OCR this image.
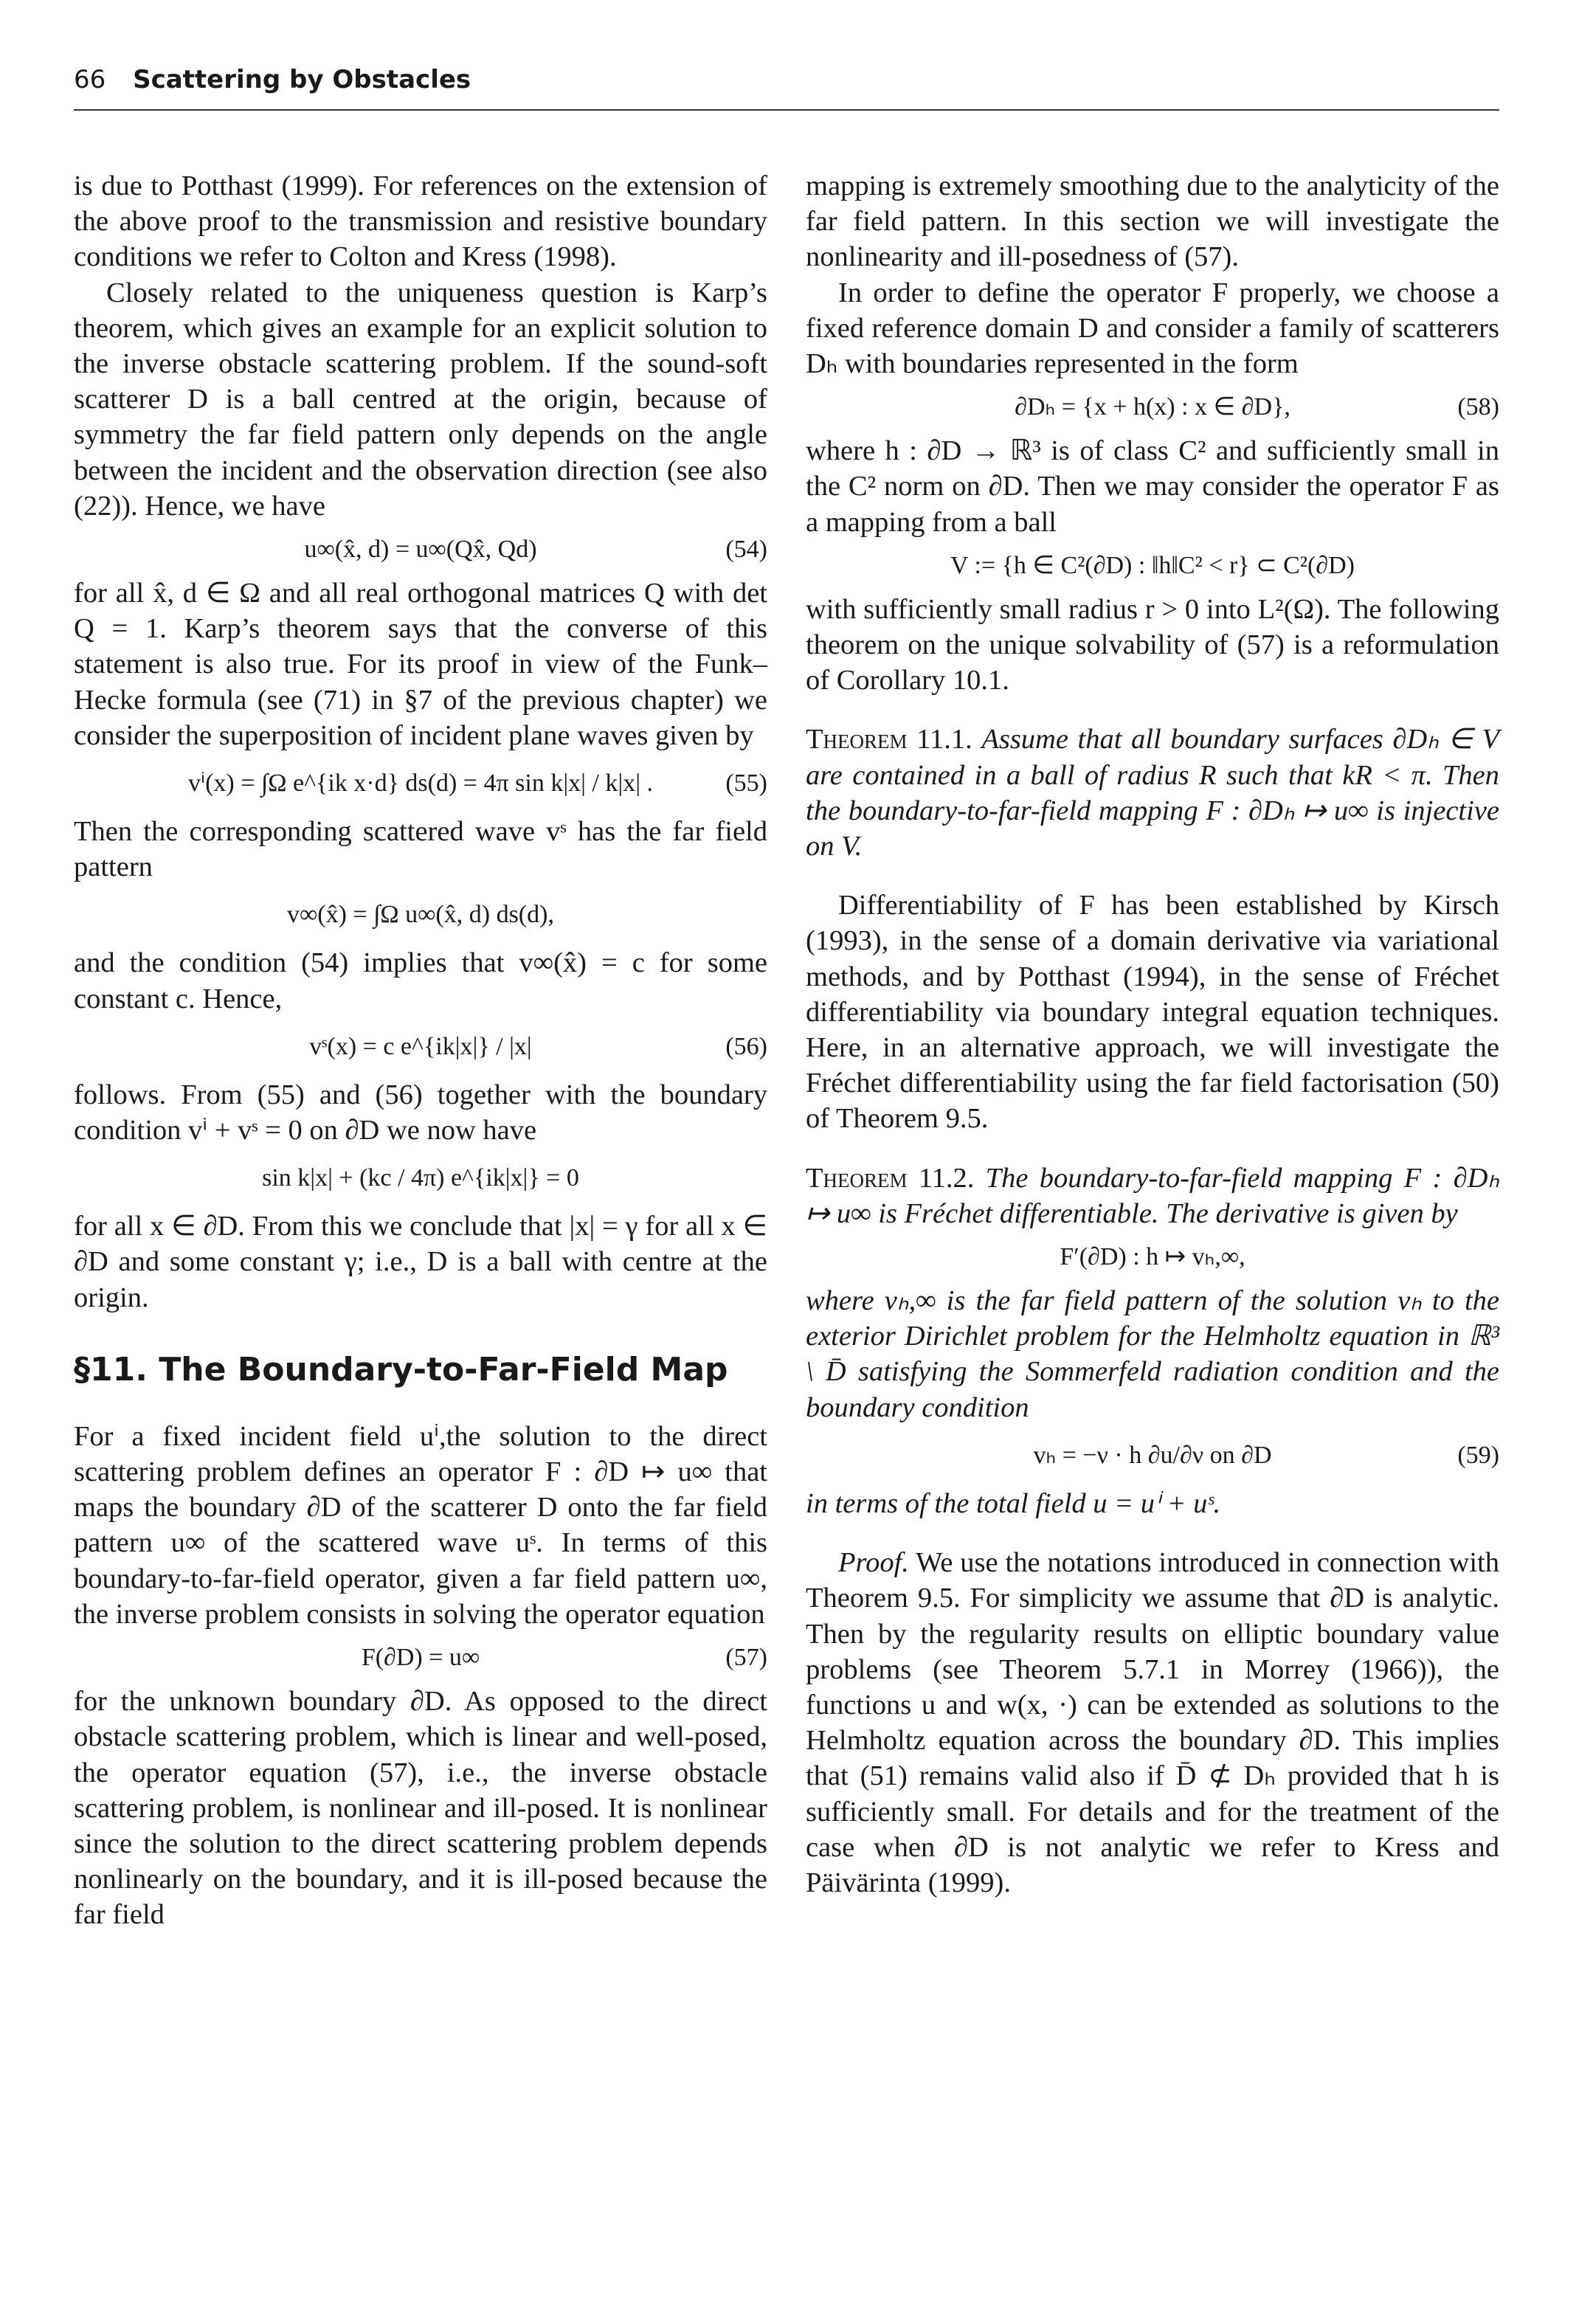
66 Scattering by Obstacles

is due to Potthast (1999). For references on the extension of the above proof to the transmission and resistive boundary conditions we refer to Colton and Kress (1998).

Closely related to the uniqueness question is Karp’s theorem, which gives an example for an explicit solution to the inverse obstacle scattering problem. If the sound-soft scatterer D is a ball centred at the origin, because of symmetry the far field pattern only depends on the angle between the incident and the observation direction (see also (22)). Hence, we have

u∞(x̂, d) = u∞(Qx̂, Qd)	(54)

for all x̂, d ∈ Ω and all real orthogonal matrices Q with det Q = 1. Karp’s theorem says that the converse of this statement is also true. For its proof in view of the Funk–Hecke formula (see (71) in §7 of the previous chapter) we consider the superposition of incident plane waves given by

vⁱ(x) = ∫Ω e^{ik x·d} ds(d) = 4π sin k|x| / k|x| .	(55)

Then the corresponding scattered wave vˢ has the far field pattern

v∞(x̂) = ∫Ω u∞(x̂, d) ds(d),

and the condition (54) implies that v∞(x̂) = c for some constant c. Hence,

vˢ(x) = c e^{ik|x|} / |x|	(56)

follows. From (55) and (56) together with the boundary condition vⁱ + vˢ = 0 on ∂D we now have

sin k|x| + (kc / 4π) e^{ik|x|} = 0

for all x ∈ ∂D. From this we conclude that |x| = γ for all x ∈ ∂D and some constant γ; i.e., D is a ball with centre at the origin.

§11. The Boundary-to-Far-Field Map

For a fixed incident field uⁱ,the solution to the direct scattering problem defines an operator F : ∂D ↦ u∞ that maps the boundary ∂D of the scatterer D onto the far field pattern u∞ of the scattered wave uˢ. In terms of this boundary-to-far-field operator, given a far field pattern u∞, the inverse problem consists in solving the operator equation

F(∂D) = u∞	(57)

for the unknown boundary ∂D. As opposed to the direct obstacle scattering problem, which is linear and well-posed, the operator equation (57), i.e., the inverse obstacle scattering problem, is nonlinear and ill-posed. It is nonlinear since the solution to the direct scattering problem depends nonlinearly on the boundary, and it is ill-posed because the far field

mapping is extremely smoothing due to the analyticity of the far field pattern. In this section we will investigate the nonlinearity and ill-posedness of (57).

In order to define the operator F properly, we choose a fixed reference domain D and consider a family of scatterers Dₕ with boundaries represented in the form

∂Dₕ = {x + h(x) : x ∈ ∂D},	(58)

where h : ∂D → ℝ³ is of class C² and sufficiently small in the C² norm on ∂D. Then we may consider the operator F as a mapping from a ball

V := {h ∈ C²(∂D) : ‖h‖C² < r} ⊂ C²(∂D)

with sufficiently small radius r > 0 into L²(Ω). The following theorem on the unique solvability of (57) is a reformulation of Corollary 10.1.

Theorem 11.1. Assume that all boundary surfaces ∂Dₕ ∈ V are contained in a ball of radius R such that kR < π. Then the boundary-to-far-field mapping F : ∂Dₕ ↦ u∞ is injective on V.

Differentiability of F has been established by Kirsch (1993), in the sense of a domain derivative via variational methods, and by Potthast (1994), in the sense of Fréchet differentiability via boundary integral equation techniques. Here, in an alternative approach, we will investigate the Fréchet differentiability using the far field factorisation (50) of Theorem 9.5.

Theorem 11.2. The boundary-to-far-field mapping F : ∂Dₕ ↦ u∞ is Fréchet differentiable. The derivative is given by

F′(∂D) : h ↦ vₕ,∞,

where vₕ,∞ is the far field pattern of the solution vₕ to the exterior Dirichlet problem for the Helmholtz equation in ℝ³ \ D̄ satisfying the Sommerfeld radiation condition and the boundary condition

vₕ = −ν · h ∂u/∂ν on ∂D	(59)

in terms of the total field u = uⁱ + uˢ.

Proof. We use the notations introduced in connection with Theorem 9.5. For simplicity we assume that ∂D is analytic. Then by the regularity results on elliptic boundary value problems (see Theorem 5.7.1 in Morrey (1966)), the functions u and w(x, ·) can be extended as solutions to the Helmholtz equation across the boundary ∂D. This implies that (51) remains valid also if D̄ ⊄ Dₕ provided that h is sufficiently small. For details and for the treatment of the case when ∂D is not analytic we refer to Kress and Päivärinta (1999).
